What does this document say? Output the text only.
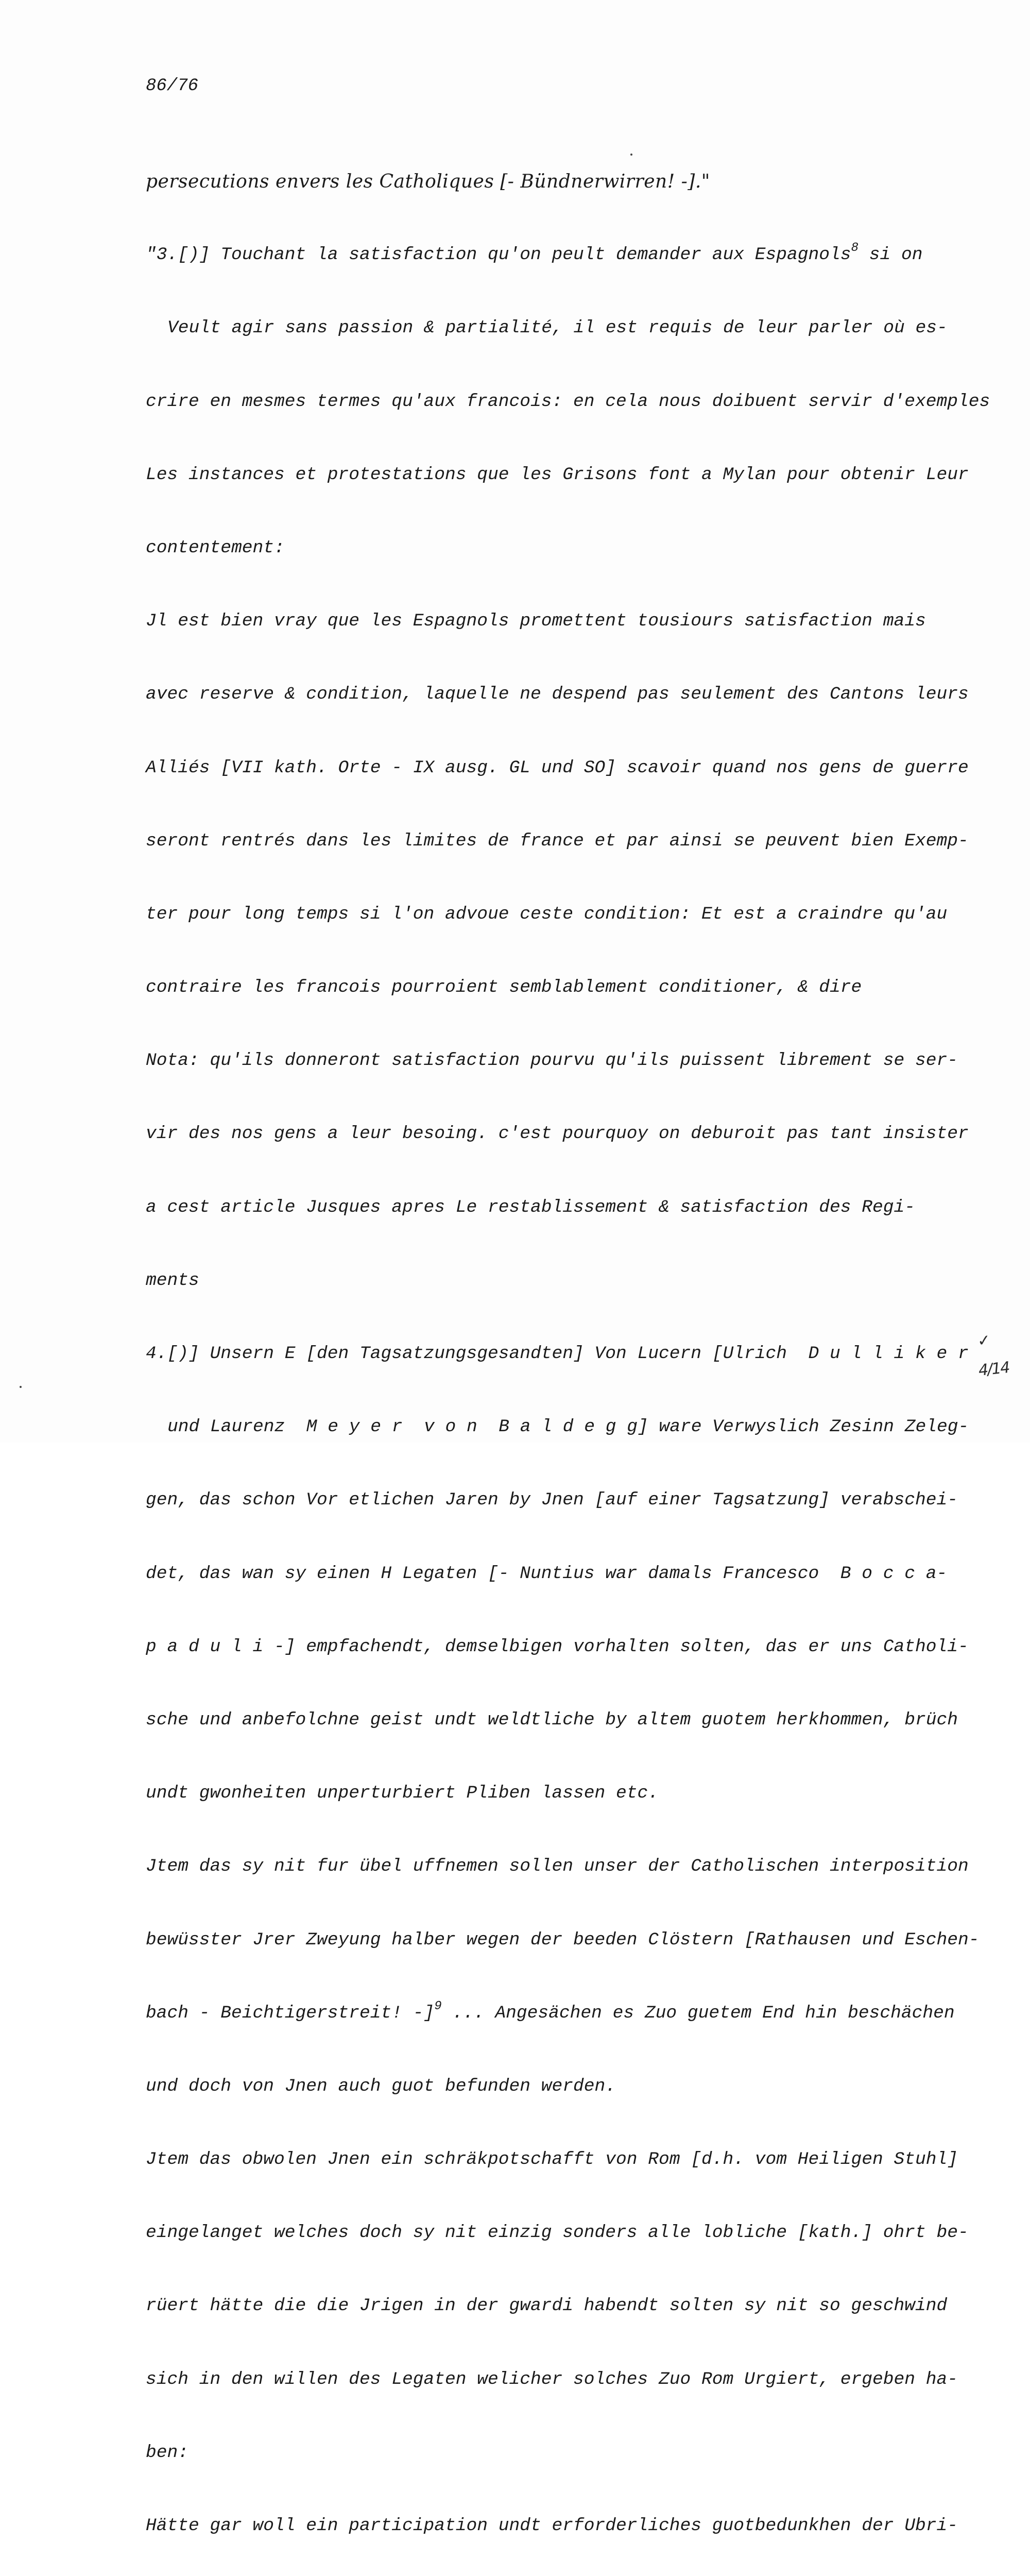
86/76

persecutions envers les Catholiques [- Bündnerwirren! -]."

"3.[)] Touchant la satisfaction qu'on peult demander aux Espagnols$^8$ si on

Veult agir sans passion & partialité, il est requis de leur parler où es-

crire en mesmes termes qu'aux francois: en cela nous doibuent servir d'exemples

Les instances et protestations que les Grisons font a Mylan pour obtenir Leur

contentement:

Jl est bien vray que les Espagnols promettent tousiours satisfaction mais

avec reserve & condition, laquelle ne despend pas seulement des Cantons leurs

Alliés [VII kath. Orte - IX ausg. GL und SO] scavoir quand nos gens de guerre

seront rentrés dans les limites de france et par ainsi se peuvent bien Exemp-

ter pour long temps si l'on advoue ceste condition: Et est a craindre qu'au

contraire les francois pourroient semblablement conditioner, & dire

Nota: qu'ils donneront satisfaction pourvu qu'ils puissent librement se ser-

vir des nos gens a leur besoing. c'est pourquoy on deburoit pas tant insister

a cest article Jusques apres Le restablissement & satisfaction des Regi-

ments

4.[)] Unsern E [den Tagsatzungsgesandten] Von Lucern [Ulrich  D u l l i k e r

und Laurenz  M e y e r  v o n  B a l d e g g] ware Verwyslich Zesinn Zeleg-

gen, das schon Vor etlichen Jaren by Jnen [auf einer Tagsatzung] verabschei-

det, das wan sy einen H Legaten [- Nuntius war damals Francesco  B o c c a-

p a d u l i -] empfachendt, demselbigen vorhalten solten, das er uns Catholi-

sche und anbefolchne geist undt weldtliche by altem guotem herkhommen, brüch

undt gwonheiten unperturbiert Pliben lassen etc.

Jtem das sy nit fur übel uffnemen sollen unser der Catholischen interposition

bewüsster Jrer Zweyung halber wegen der beeden Clöstern [Rathausen und Eschen-

bach - Beichtigerstreit! -]$^9$ ... Angesächen es Zuo guetem End hin beschächen

und doch von Jnen auch guot befunden werden.

Jtem das obwolen Jnen ein schräkpotschafft von Rom [d.h. vom Heiligen Stuhl]

eingelanget welches doch sy nit einzig sonders alle lobliche [kath.] ohrt be-

rüert hätte die die Jrigen in der gwardi habendt solten sy nit so geschwind

sich in den willen des Legaten welicher solches Zuo Rom Urgiert, ergeben ha-

ben:

Hätte gar woll ein participation undt erforderliches guotbedunkhen der Ubri-

✓
4/14
